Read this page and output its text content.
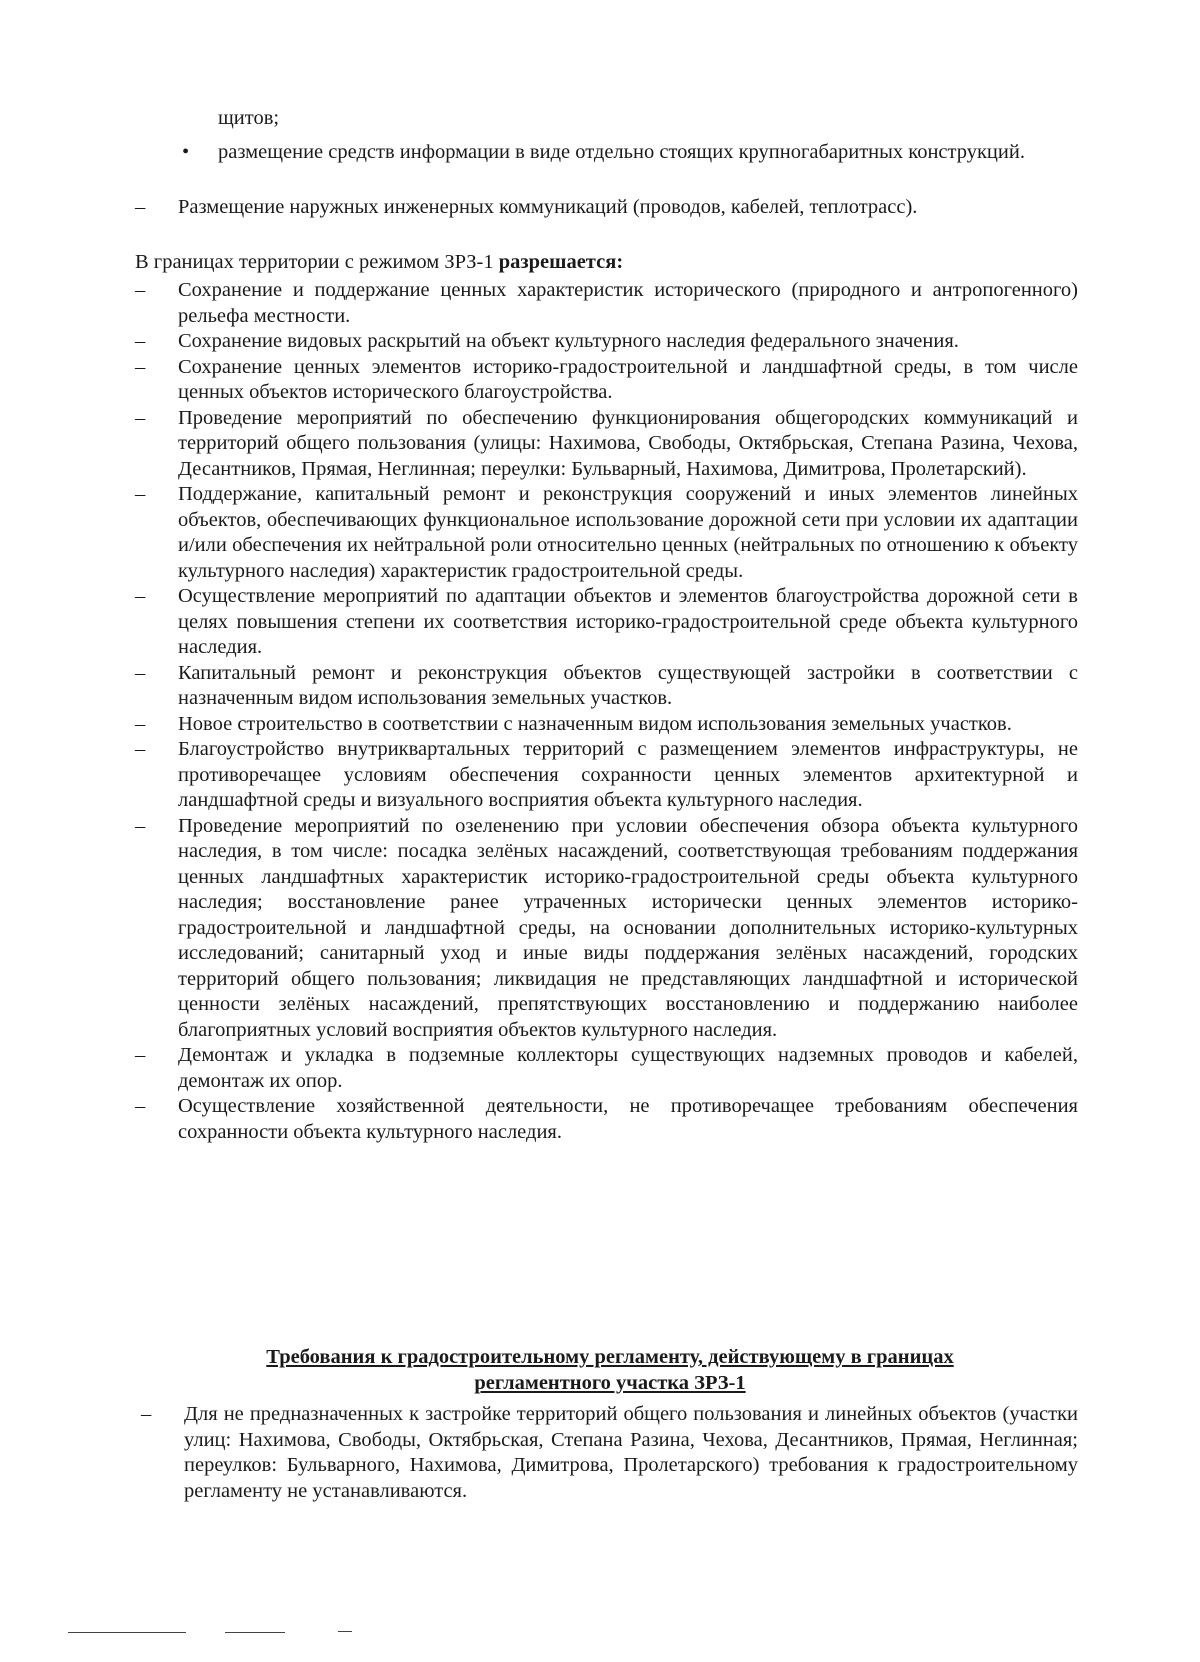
щитов;

• размещение средств информации в виде отдельно стоящих крупногабаритных конструкций.

– Размещение наружных инженерных коммуникаций (проводов, кабелей, теплотрасс).

В границах территории с режимом ЗРЗ-1 разрешается:

– Сохранение и поддержание ценных характеристик исторического (природного и антропогенного) рельефа местности.

– Сохранение видовых раскрытий на объект культурного наследия федерального значения.

– Сохранение ценных элементов историко-градостроительной и ландшафтной среды, в том числе ценных объектов исторического благоустройства.

– Проведение мероприятий по обеспечению функционирования общегородских коммуникаций и территорий общего пользования (улицы: Нахимова, Свободы, Октябрьская, Степана Разина, Чехова, Десантников, Прямая, Неглинная; переулки: Бульварный, Нахимова, Димитрова, Пролетарский).

– Поддержание, капитальный ремонт и реконструкция сооружений и иных элементов линейных объектов, обеспечивающих функциональное использование дорожной сети при условии их адаптации и/или обеспечения их нейтральной роли относительно ценных (нейтральных по отношению к объекту культурного наследия) характеристик градостроительной среды.

– Осуществление мероприятий по адаптации объектов и элементов благоустройства дорожной сети в целях повышения степени их соответствия историко-градостроительной среде объекта культурного наследия.

– Капитальный ремонт и реконструкция объектов существующей застройки в соответствии с назначенным видом использования земельных участков.

– Новое строительство в соответствии с назначенным видом использования земельных участков.

– Благоустройство внутриквартальных территорий с размещением элементов инфраструктуры, не противоречащее условиям обеспечения сохранности ценных элементов архитектурной и ландшафтной среды и визуального восприятия объекта культурного наследия.

– Проведение мероприятий по озеленению при условии обеспечения обзора объекта культурного наследия, в том числе: посадка зелёных насаждений, соответствующая требованиям поддержания ценных ландшафтных характеристик историко-градостроительной среды объекта культурного наследия; восстановление ранее утраченных исторически ценных элементов историко-градостроительной и ландшафтной среды, на основании дополнительных историко-культурных исследований; санитарный уход и иные виды поддержания зелёных насаждений, городских территорий общего пользования; ликвидация не представляющих ландшафтной и исторической ценности зелёных насаждений, препятствующих восстановлению и поддержанию наиболее благоприятных условий восприятия объектов культурного наследия.

– Демонтаж и укладка в подземные коллекторы существующих надземных проводов и кабелей, демонтаж их опор.

– Осуществление хозяйственной деятельности, не противоречащее требованиям обеспечения сохранности объекта культурного наследия.

Требования к градостроительному регламенту, действующему в границах

регламентного участка ЗРЗ-1

– Для не предназначенных к застройке территорий общего пользования и линейных объектов (участки улиц: Нахимова, Свободы, Октябрьская, Степана Разина, Чехова, Десантников, Прямая, Неглинная; переулков: Бульварного, Нахимова, Димитрова, Пролетарского) требования к градостроительному регламенту не устанавливаются.
